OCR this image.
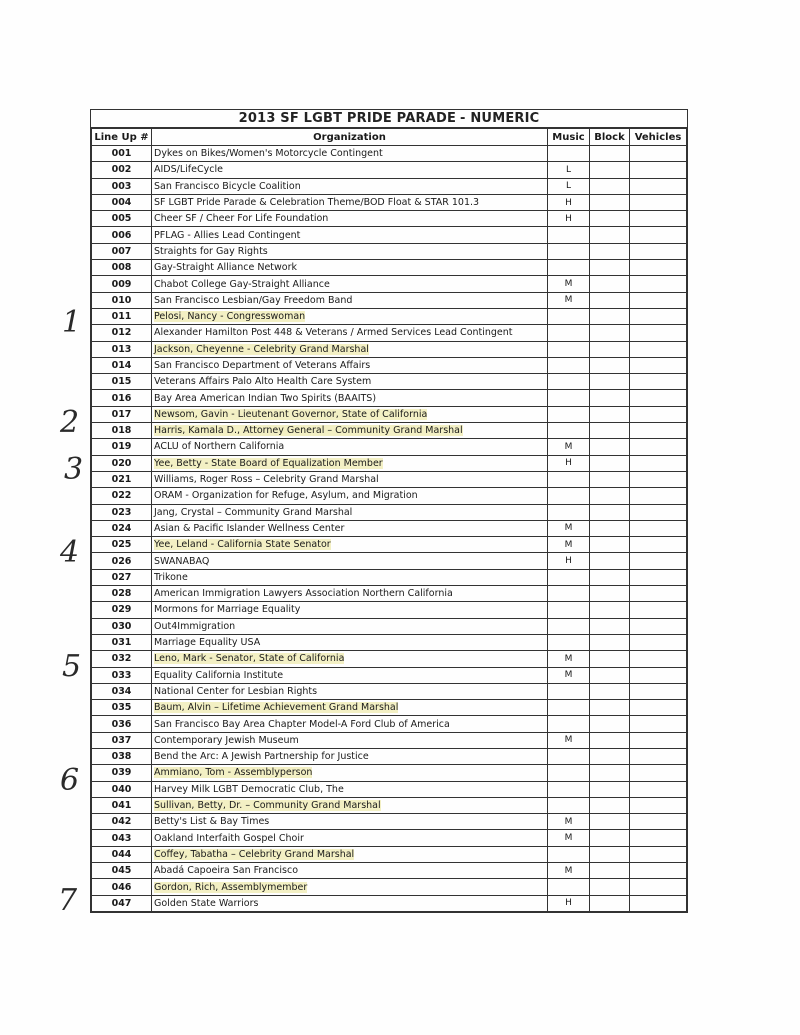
2013 SF LGBT PRIDE PARADE - NUMERIC
Line Up #	Organization	Music	Block	Vehicles
001	Dykes on Bikes/Women's Motorcycle Contingent			
002	AIDS/LifeCycle	L		
003	San Francisco Bicycle Coalition	L		
004	SF LGBT Pride Parade & Celebration Theme/BOD Float & STAR 101.3	H		
005	Cheer SF / Cheer For Life Foundation	H		
006	PFLAG - Allies Lead Contingent			
007	Straights for Gay Rights			
008	Gay-Straight Alliance Network			
009	Chabot College Gay-Straight Alliance	M		
010	San Francisco Lesbian/Gay Freedom Band	M		
011	Pelosi, Nancy - Congresswoman			
012	Alexander Hamilton Post 448 & Veterans / Armed Services Lead Contingent			
013	Jackson, Cheyenne - Celebrity Grand Marshal			
014	San Francisco Department of Veterans Affairs			
015	Veterans Affairs Palo Alto Health Care System			
016	Bay Area American Indian Two Spirits (BAAITS)			
017	Newsom, Gavin - Lieutenant Governor, State of California			
018	Harris, Kamala D., Attorney General – Community Grand Marshal			
019	ACLU of Northern California	M		
020	Yee, Betty - State Board of Equalization Member	H		
021	Williams, Roger Ross – Celebrity Grand Marshal			
022	ORAM - Organization for Refuge, Asylum, and Migration			
023	Jang, Crystal – Community Grand Marshal			
024	Asian & Pacific Islander Wellness Center	M		
025	Yee, Leland - California State Senator	M		
026	SWANABAQ	H		
027	Trikone			
028	American Immigration Lawyers Association Northern California			
029	Mormons for Marriage Equality			
030	Out4Immigration			
031	Marriage Equality USA			
032	Leno, Mark - Senator, State of California	M		
033	Equality California Institute	M		
034	National Center for Lesbian Rights			
035	Baum, Alvin – Lifetime Achievement Grand Marshal			
036	San Francisco Bay Area Chapter Model-A Ford Club of America			
037	Contemporary Jewish Museum	M		
038	Bend the Arc: A Jewish Partnership for Justice			
039	Ammiano, Tom - Assemblyperson			
040	Harvey Milk LGBT Democratic Club, The			
041	Sullivan, Betty, Dr. – Community Grand Marshal			
042	Betty's List & Bay Times	M		
043	Oakland Interfaith Gospel Choir	M		
044	Coffey, Tabatha – Celebrity Grand Marshal			
045	Abadá Capoeira San Francisco	M		
046	Gordon, Rich, Assemblymember			
047	Golden State Warriors	H		
1
2
3
4
5
6
7
